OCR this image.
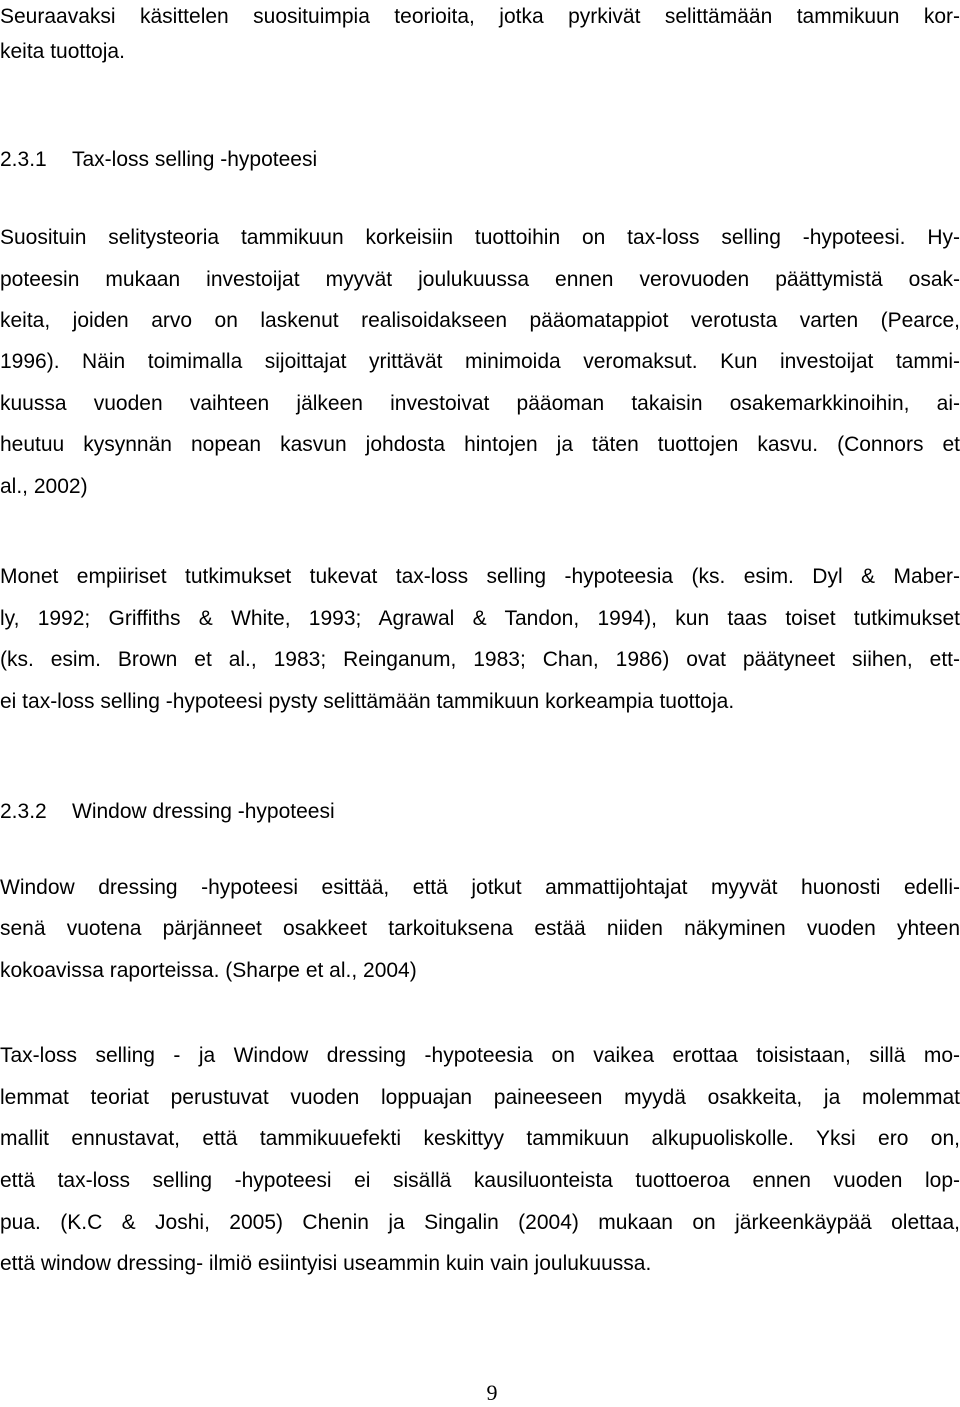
Seuraavaksi käsittelen suosituimpia teorioita, jotka pyrkivät selittämään tammikuun kor-

keita tuottoja.

2.3.1 Tax-loss selling -hypoteesi

Suosituin selitysteoria tammikuun korkeisiin tuottoihin on tax-loss selling -hypoteesi. Hy-

poteesin mukaan investoijat myyvät joulukuussa ennen verovuoden päättymistä osak-

keita, joiden arvo on laskenut realisoidakseen pääomatappiot verotusta varten (Pearce,

1996). Näin toimimalla sijoittajat yrittävät minimoida veromaksut. Kun investoijat tammi-

kuussa vuoden vaihteen jälkeen investoivat pääoman takaisin osakemarkkinoihin, ai-

heutuu kysynnän nopean kasvun johdosta hintojen ja täten tuottojen kasvu. (Connors et

al., 2002)

Monet empiiriset tutkimukset tukevat tax-loss selling -hypoteesia (ks. esim. Dyl & Maber-

ly, 1992; Griffiths & White, 1993; Agrawal & Tandon, 1994), kun taas toiset tutkimukset

(ks. esim. Brown et al., 1983; Reinganum, 1983; Chan, 1986) ovat päätyneet siihen, ett-

ei tax-loss selling -hypoteesi pysty selittämään tammikuun korkeampia tuottoja.

2.3.2 Window dressing -hypoteesi

Window dressing -hypoteesi esittää, että jotkut ammattijohtajat myyvät huonosti edelli-

senä vuotena pärjänneet osakkeet tarkoituksena estää niiden näkyminen vuoden yhteen

kokoavissa raporteissa. (Sharpe et al., 2004)

Tax-loss selling - ja Window dressing -hypoteesia on vaikea erottaa toisistaan, sillä mo-

lemmat teoriat perustuvat vuoden loppuajan paineeseen myydä osakkeita, ja molemmat

mallit ennustavat, että tammikuuefekti keskittyy tammikuun alkupuoliskolle. Yksi ero on,

että tax-loss selling -hypoteesi ei sisällä kausiluonteista tuottoeroa ennen vuoden lop-

pua. (K.C & Joshi, 2005) Chenin ja Singalin (2004) mukaan on järkeenkäypää olettaa,

että window dressing- ilmiö esiintyisi useammin kuin vain joulukuussa.

9
